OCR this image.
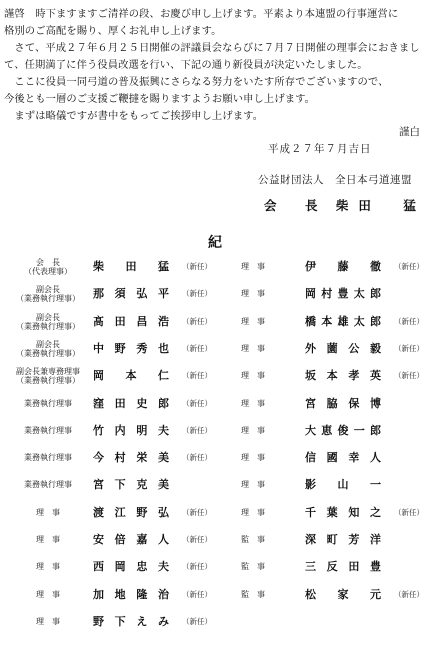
謹啓　時下ますますご清祥の段、お慶び申し上げます。平素より本連盟の行事運営に

格別のご高配を賜り、厚くお礼申し上げます。

　さて、平成２７年６月２５日開催の評議員会ならびに７月７日開催の理事会におきまし

て、任期満了に伴う役員改選を行い、下記の通り新役員が決定いたしました。

　ここに役員一同弓道の普及振興にさらなる努力をいたす所存でございますので、

今後とも一層のご支援ご鞭撻を賜りますようお願い申し上げます。

　まずは略儀ですが書中をもってご挨拶申し上げます。

謹白
平成２７年７月吉日
公益財団法人　全日本弓道連盟
会　長 柴田　猛
紀
会　長
（代表理事）	柴田猛 （新任）	理　事	伊藤徹 （新任）
副会長
（業務執行理事）	那須弘平 （新任）	理　事	岡村豊太郎
副会長
（業務執行理事）	髙田昌浩 （新任）	理　事	橋本雄太郎 （新任）
副会長
（業務執行理事）	中野秀也 （新任）	理　事	外薗公毅 （新任）
副会長兼専務理事
（業務執行理事）	岡本仁 （新任）	理　事	坂本孝英 （新任）
業務執行理事	窪田史郎 （新任）	理　事	宮脇保博
業務執行理事	竹内明夫 （新任）	理　事	大恵俊一郎
業務執行理事	今村栄美 （新任）	理　事	信國幸人
業務執行理事	宮下克美	理　事	影山一
理　事	渡江野弘 （新任）	理　事	千葉知之 （新任）
理　事	安倍嘉人 （新任）	監　事	深町芳洋
理　事	西岡忠夫 （新任）	監　事	三反田豊
理　事	加地隆治 （新任）	監　事	松家元 （新任）
理　事	野下えみ （新任）
